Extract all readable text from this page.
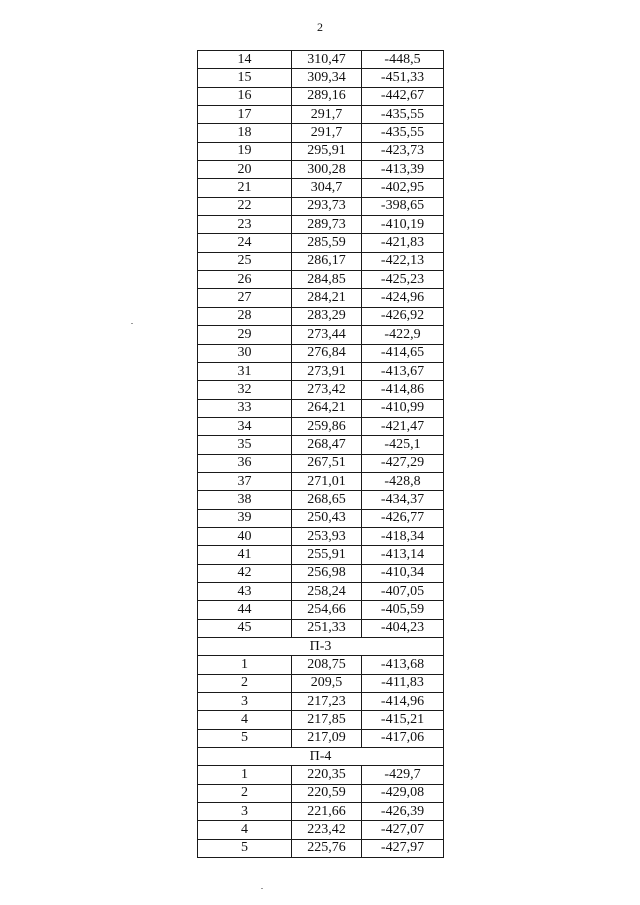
2
14	310,47	-448,5
15	309,34	-451,33
16	289,16	-442,67
17	291,7	-435,55
18	291,7	-435,55
19	295,91	-423,73
20	300,28	-413,39
21	304,7	-402,95
22	293,73	-398,65
23	289,73	-410,19
24	285,59	-421,83
25	286,17	-422,13
26	284,85	-425,23
27	284,21	-424,96
28	283,29	-426,92
29	273,44	-422,9
30	276,84	-414,65
31	273,91	-413,67
32	273,42	-414,86
33	264,21	-410,99
34	259,86	-421,47
35	268,47	-425,1
36	267,51	-427,29
37	271,01	-428,8
38	268,65	-434,37
39	250,43	-426,77
40	253,93	-418,34
41	255,91	-413,14
42	256,98	-410,34
43	258,24	-407,05
44	254,66	-405,59
45	251,33	-404,23
П-3		
1	208,75	-413,68
2	209,5	-411,83
3	217,23	-414,96
4	217,85	-415,21
5	217,09	-417,06
П-4		
1	220,35	-429,7
2	220,59	-429,08
3	221,66	-426,39
4	223,42	-427,07
5	225,76	-427,97
